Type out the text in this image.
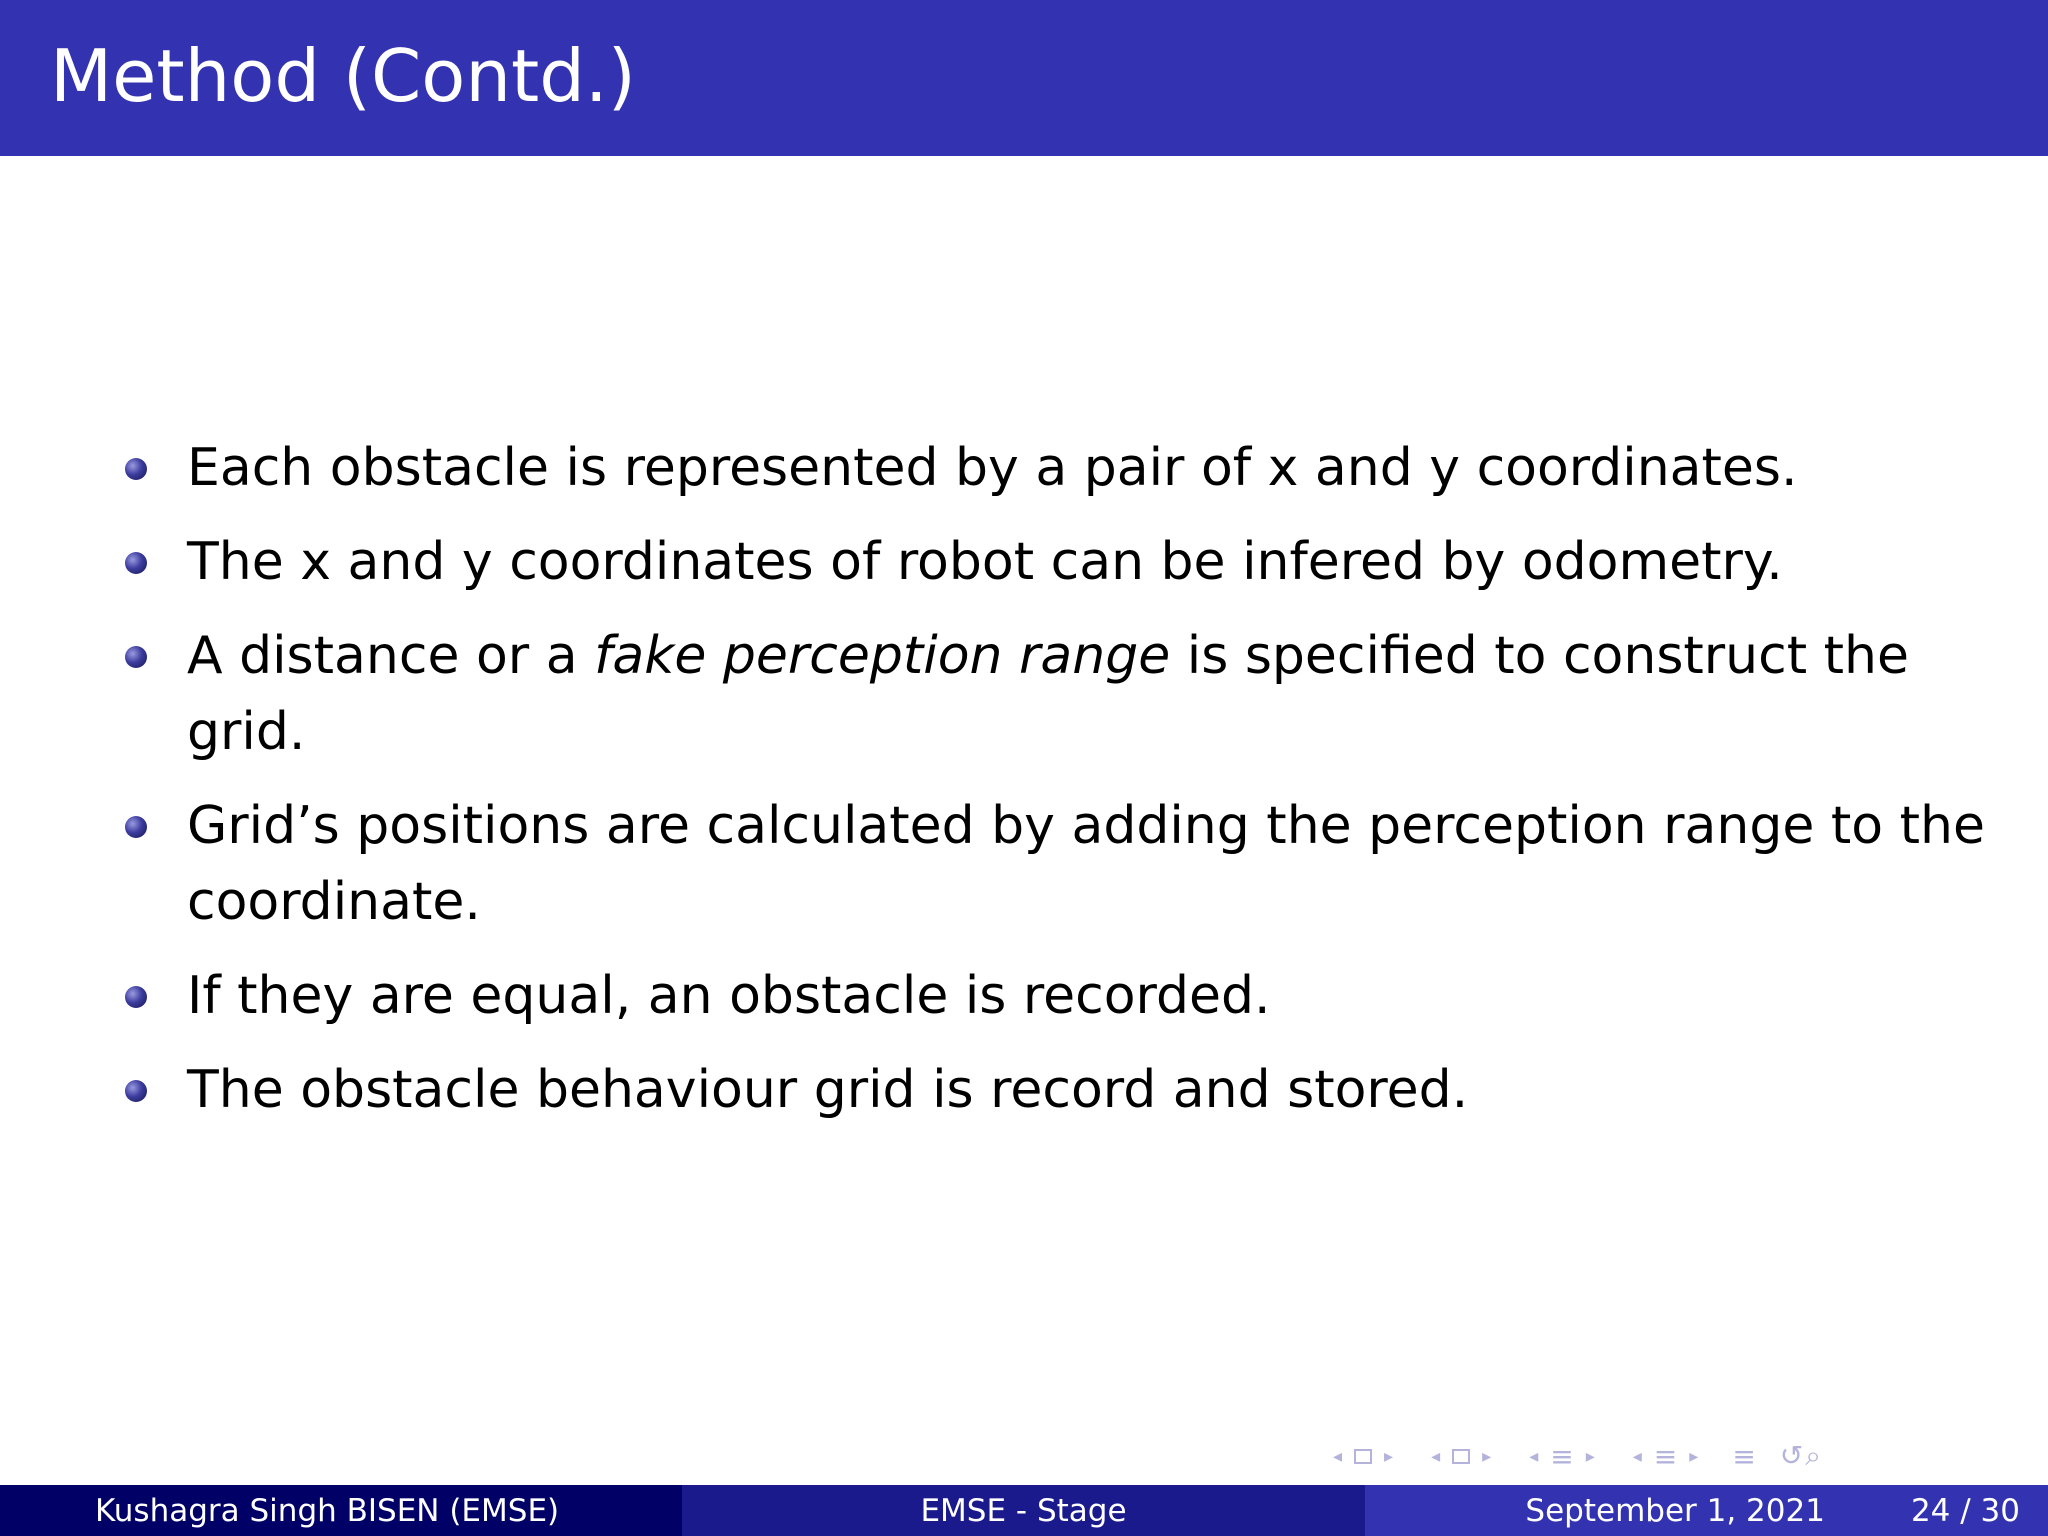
Method (Contd.)
Each obstacle is represented by a pair of x and y coordinates.
The x and y coordinates of robot can be infered by odometry.
A distance or a fake perception range is specified to construct the grid.
Grid’s positions are calculated by adding the perception range to the coordinate.
If they are equal, an obstacle is recorded.
The obstacle behaviour grid is record and stored.
◂ ▸ ◂ ▸ ◂ ≡ ▸ ◂ ≡ ▸ ≡ ↺⌕
Kushagra Singh BISEN (EMSE)	EMSE - Stage	September 1, 2021	24 / 30
